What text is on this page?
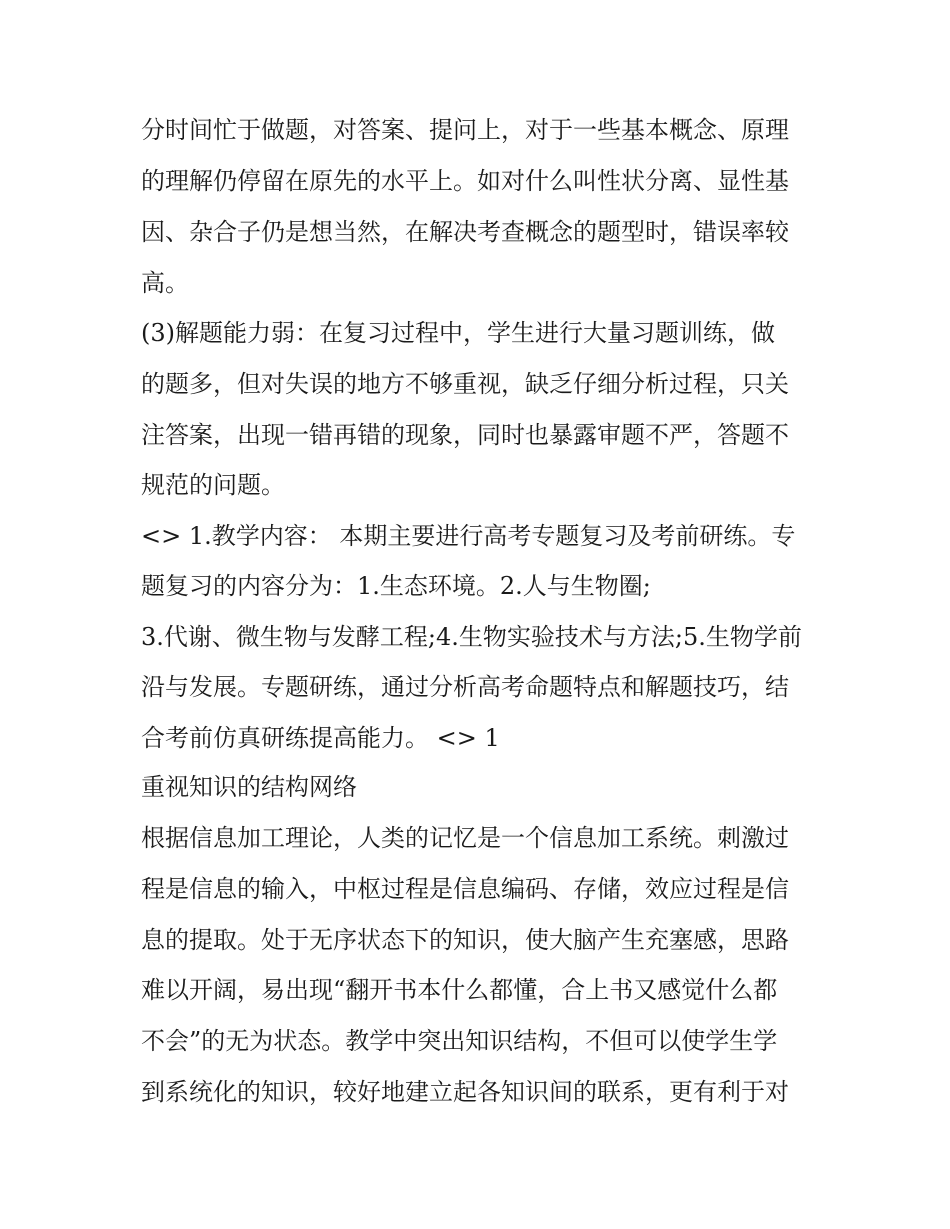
分时间忙于做题，对答案、提问上，对于一些基本概念、原理
的理解仍停留在原先的水平上。如对什么叫性状分离、显性基
因、杂合子仍是想当然，在解决考查概念的题型时，错误率较
高。
(3)解题能力弱：在复习过程中，学生进行大量习题训练，做
的题多，但对失误的地方不够重视，缺乏仔细分析过程，只关
注答案，出现一错再错的现象，同时也暴露审题不严，答题不
规范的问题。
<> 1.教学内容： 本期主要进行高考专题复习及考前研练。专
题复习的内容分为：1.生态环境。2.人与生物圈;
3.代谢、微生物与发酵工程;4.生物实验技术与方法;5.生物学前
沿与发展。专题研练，通过分析高考命题特点和解题技巧，结
合考前仿真研练提高能力。 <> 1
重视知识的结构网络
根据信息加工理论，人类的记忆是一个信息加工系统。刺激过
程是信息的输入，中枢过程是信息编码、存储，效应过程是信
息的提取。处于无序状态下的知识，使大脑产生充塞感，思路
难以开阔，易出现“翻开书本什么都懂，合上书又感觉什么都
不会”的无为状态。教学中突出知识结构，不但可以使学生学
到系统化的知识，较好地建立起各知识间的联系，更有利于对
